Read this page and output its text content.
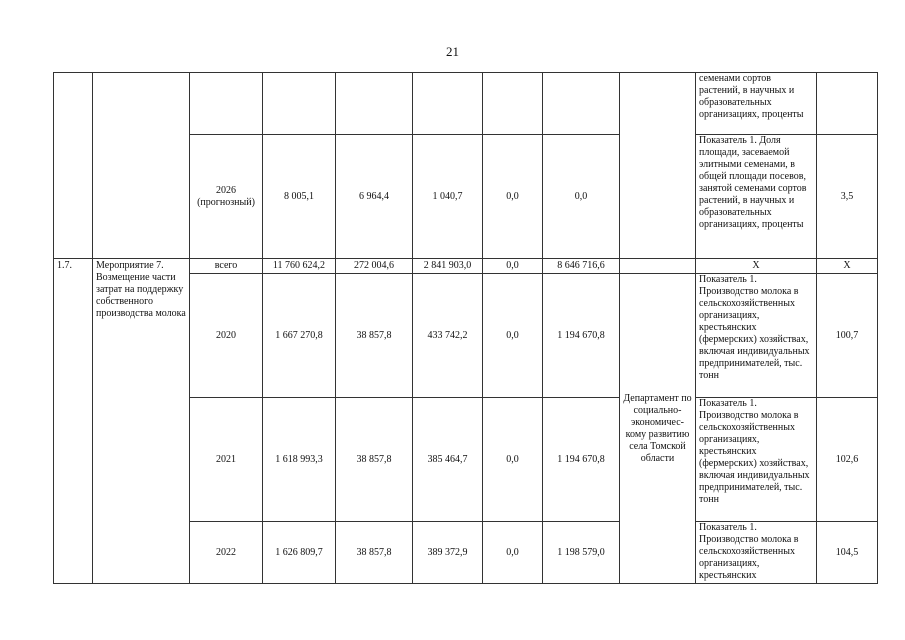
21
									семенами сортов растений, в научных и образовательных организациях, проценты	
		2026 (прогнозный)	8 005,1	6 964,4	1 040,7	0,0	0,0		Показатель 1. Доля площади, засеваемой элитными семенами, в общей площади посевов, занятой семенами сортов растений, в научных и образовательных организациях, проценты	3,5
1.7.	Мероприятие 7. Возмещение части затрат на поддержку собственного производства молока	всего	11 760 624,2	272 004,6	2 841 903,0	0,0	8 646 716,6		Х	Х
		2020	1 667 270,8	38 857,8	433 742,2	0,0	1 194 670,8	Департамент по социально-экономичес-кому развитию села Томской области	Показатель 1. Производство молока в сельскохозяйственных организациях, крестьянских (фермерских) хозяйствах, включая индивидуальных предпринимателей, тыс. тонн	100,7
		2021	1 618 993,3	38 857,8	385 464,7	0,0	1 194 670,8		Показатель 1. Производство молока в сельскохозяйственных организациях, крестьянских (фермерских) хозяйствах, включая индивидуальных предпринимателей, тыс. тонн	102,6
		2022	1 626 809,7	38 857,8	389 372,9	0,0	1 198 579,0		Показатель 1. Производство молока в сельскохозяйственных организациях, крестьянских	104,5
